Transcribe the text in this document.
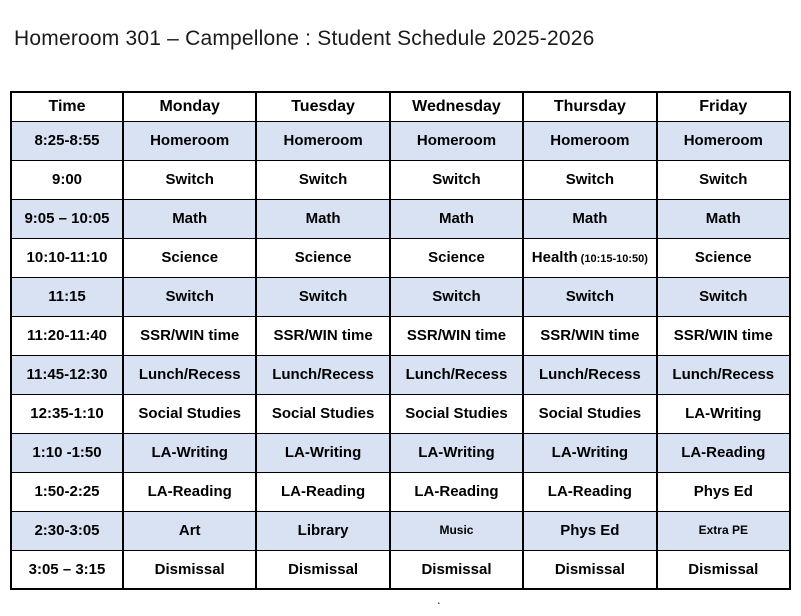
Homeroom 301 – Campellone : Student Schedule 2025-2026
Time	Monday	Tuesday	Wednesday	Thursday	Friday
8:25-8:55	Homeroom	Homeroom	Homeroom	Homeroom	Homeroom
9:00	Switch	Switch	Switch	Switch	Switch
9:05 – 10:05	Math	Math	Math	Math	Math
10:10-11:10	Science	Science	Science	Health (10:15-10:50)	Science
11:15	Switch	Switch	Switch	Switch	Switch
11:20-11:40	SSR/WIN time	SSR/WIN time	SSR/WIN time	SSR/WIN time	SSR/WIN time
11:45-12:30	Lunch/Recess	Lunch/Recess	Lunch/Recess	Lunch/Recess	Lunch/Recess
12:35-1:10	Social Studies	Social Studies	Social Studies	Social Studies	LA-Writing
1:10 -1:50	LA-Writing	LA-Writing	LA-Writing	LA-Writing	LA-Reading
1:50-2:25	LA-Reading	LA-Reading	LA-Reading	LA-Reading	Phys Ed
2:30-3:05	Art	Library	Music	Phys Ed	Extra PE
3:05 – 3:15	Dismissal	Dismissal	Dismissal	Dismissal	Dismissal
.
